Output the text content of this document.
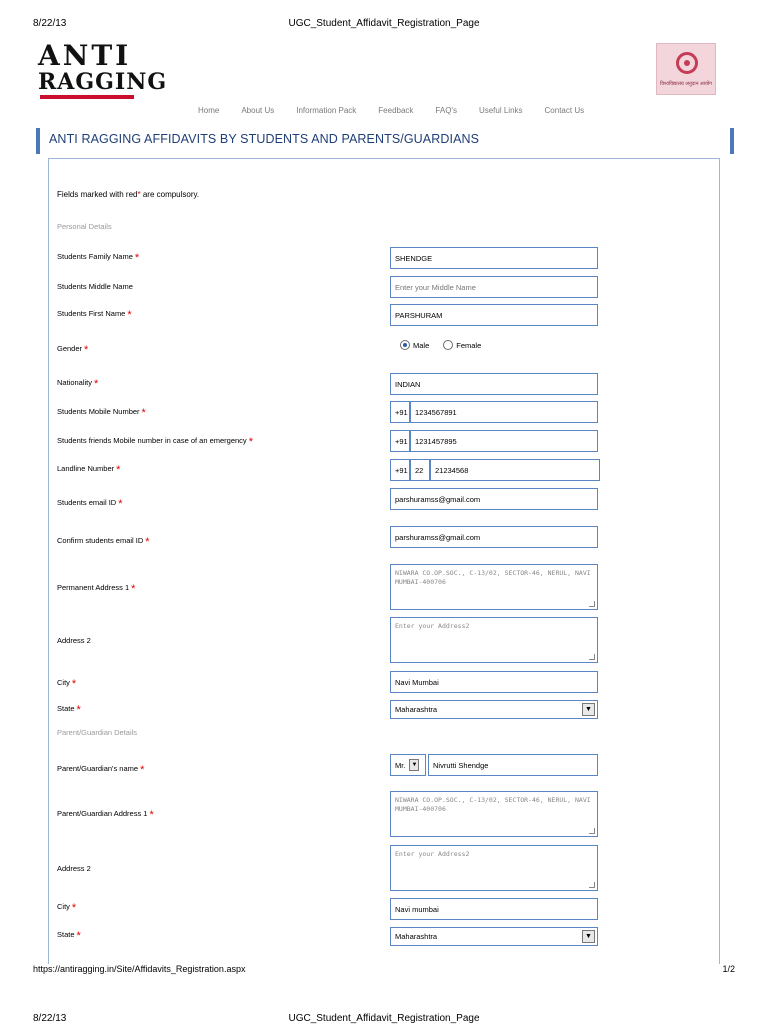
8/22/13	UGC_Student_Affidavit_Registration_Page
ANTI
RAGGING	विश्वविद्यालय अनुदान आयोग
Home	About Us	Information Pack	Feedback	FAQ's	Useful Links	Contact Us
ANTI RAGGING AFFIDAVITS BY STUDENTS AND PARENTS/GUARDIANS
Fields marked with red* are compulsory.
Personal Details
Students Family Name *	SHENDGE
Students Middle Name	Enter your Middle Name
Students First Name *	PARSHURAM
Gender *	Male	Female
Nationality *	INDIAN
Students Mobile Number *	+91 1234567891
Students friends Mobile number in case of an emergency *	+91 1231457895
Landline Number *	+91 22	21234568
Students email ID *	parshuramss@gmail.com
Confirm students email ID *	parshuramss@gmail.com
Permanent Address 1 *
NIWARA CO.OP.SOC., C-13/02, SECTOR-46, NERUL, NAVI MUMBAI-400706
Address 2
Enter your Address2
City *	Navi Mumbai
State *	Maharashtra	▼
Parent/Guardian Details
Parent/Guardian's name *	Mr.	▼	Nivrutti Shendge
Parent/Guardian Address 1 *
NIWARA CO.OP.SOC., C-13/02, SECTOR-46, NERUL, NAVI MUMBAI-400706
Address 2
Enter your Address2
City *	Navi mumbai
State *	Maharashtra	▼
https://antiragging.in/Site/Affidavits_Registration.aspx	1/2
8/22/13	UGC_Student_Affidavit_Registration_Page
